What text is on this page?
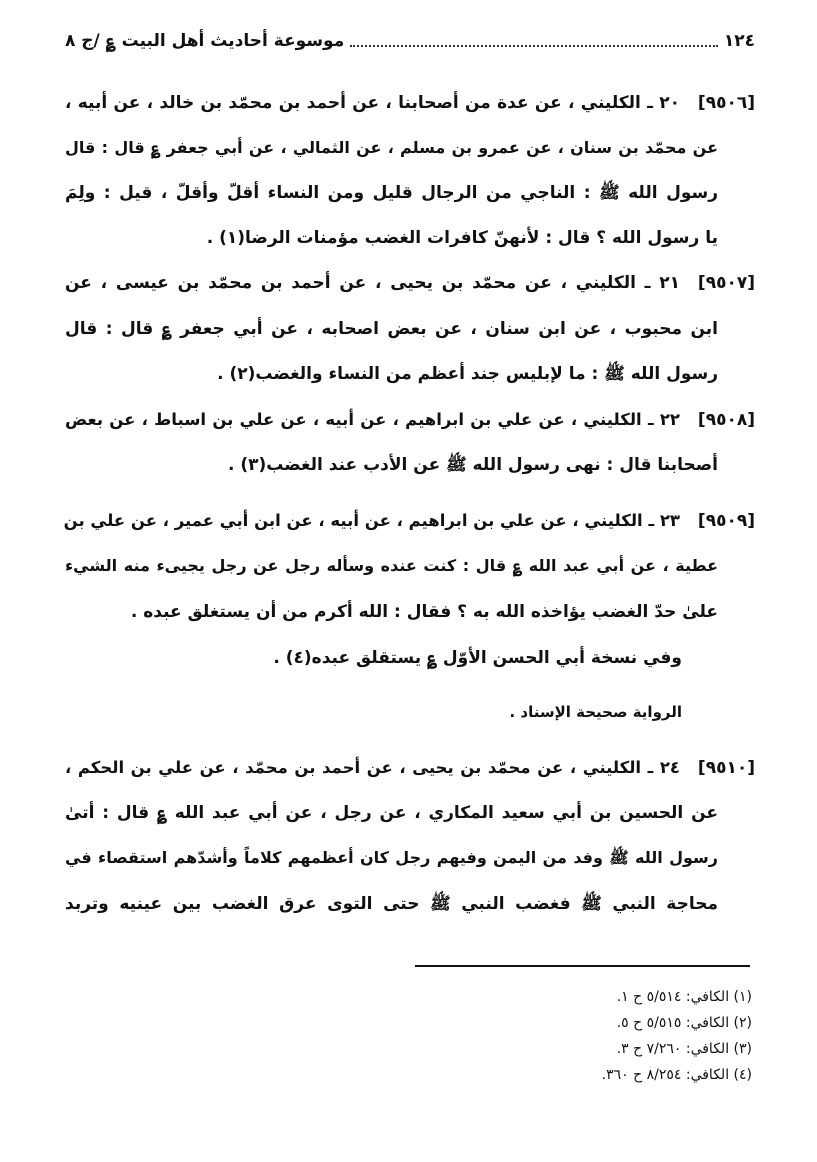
١٢٤
موسوعة أحاديث أهل البيت ؏ /ج ٨
[٩٥٠٦]
٢٠ ـ الكليني ، عن عدة من أصحابنا ، عن أحمد بن محمّد بن خالد ، عن أبيه ،
عن محمّد بن سنان ، عن عمرو بن مسلم ، عن الثمالي ، عن أبي جعفر ؏ قال : قال
رسول الله ﷺ : الناجي من الرجال قليل ومن النساء أقلّ وأقلّ ، قيل : ولِمَ
يا رسول الله ؟ قال : لأنهنّ كافرات الغضب مؤمنات الرضا(١) .
[٩٥٠٧]
٢١ ـ الكليني ، عن محمّد بن يحيى ، عن أحمد بن محمّد بن عيسى ، عن
ابن محبوب ، عن ابن سنان ، عن بعض اصحابه ، عن أبي جعفر ؏ قال : قال
رسول الله ﷺ : ما لإبليس جند أعظم من النساء والغضب(٢) .
[٩٥٠٨]
٢٢ ـ الكليني ، عن علي بن ابراهيم ، عن أبيه ، عن علي بن اسباط ، عن بعض
أصحابنا قال : نهى رسول الله ﷺ عن الأدب عند الغضب(٣) .
[٩٥٠٩]
٢٣ ـ الكليني ، عن علي بن ابراهيم ، عن أبيه ، عن ابن أبي عمير ، عن علي بن
عطية ، عن أبي عبد الله ؏ قال : كنت عنده وسأله رجل عن رجل يجيىء منه الشيء
علىٰ حدّ الغضب يؤاخذه الله به ؟ فقال : الله أكرم من أن يستغلق عبده .
وفي نسخة أبي الحسن الأوّل ؏ يستقلق عبده(٤) .
الرواية صحيحة الإسناد .
[٩٥١٠]
٢٤ ـ الكليني ، عن محمّد بن يحيى ، عن أحمد بن محمّد ، عن علي بن الحكم ،
عن الحسين بن أبي سعيد المكاري ، عن رجل ، عن أبي عبد الله ؏ قال : أتىٰ
رسول الله ﷺ وفد من اليمن وفيهم رجل كان أعظمهم كلاماً وأشدّهم استقصاء في
محاجة النبي ﷺ فغضب النبي ﷺ حتى التوى عرق الغضب بين عينيه وتربد
(١) الكافي: ٥/٥١٤ ح ١.
(٢) الكافي: ٥/٥١٥ ح ٥.
(٣) الكافي: ٧/٢٦٠ ح ٣.
(٤) الكافي: ٨/٢٥٤ ح ٣٦٠.
